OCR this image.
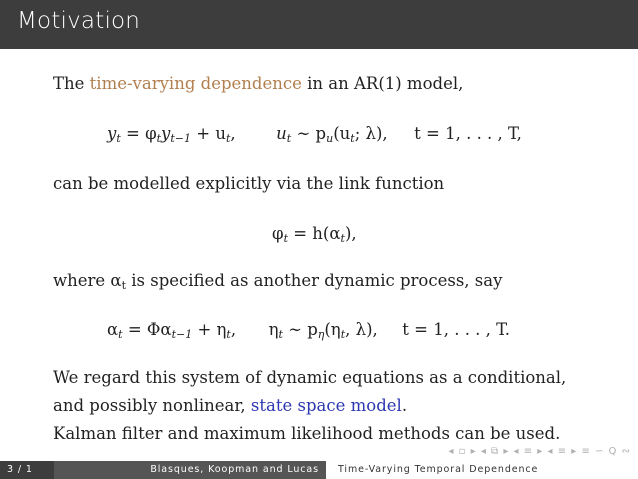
Motivation
The time-varying dependence in an AR(1) model,
$y_t = \varphi_ty_{t-1} + u_t$,  $u_t$ ∼ $p_u(u_t$; λ), t = 1, . . . , T,
can be modelled explicitly via the link function
$\varphi_t = h(\alpha_t)$,
where $\alpha_t$ is specified as another dynamic process, say
$\alpha_t = \Phi\alpha_{t-1} + \eta_t$,  $\eta_t$ ∼ $p_\eta(\eta_t$, λ), t = 1, . . . , T.
We regard this system of dynamic equations as a conditional,
and possibly nonlinear, state space model.
Kalman filter and maximum likelihood methods can be used.
◂ ▫ ▸ ◂ ⧉ ▸ ◂ ≡ ▸ ◂ ≡ ▸ ≡ ∽ Q ∾
3 / 1	Blasques, Koopman and Lucas Time-Varying Temporal Dependence
